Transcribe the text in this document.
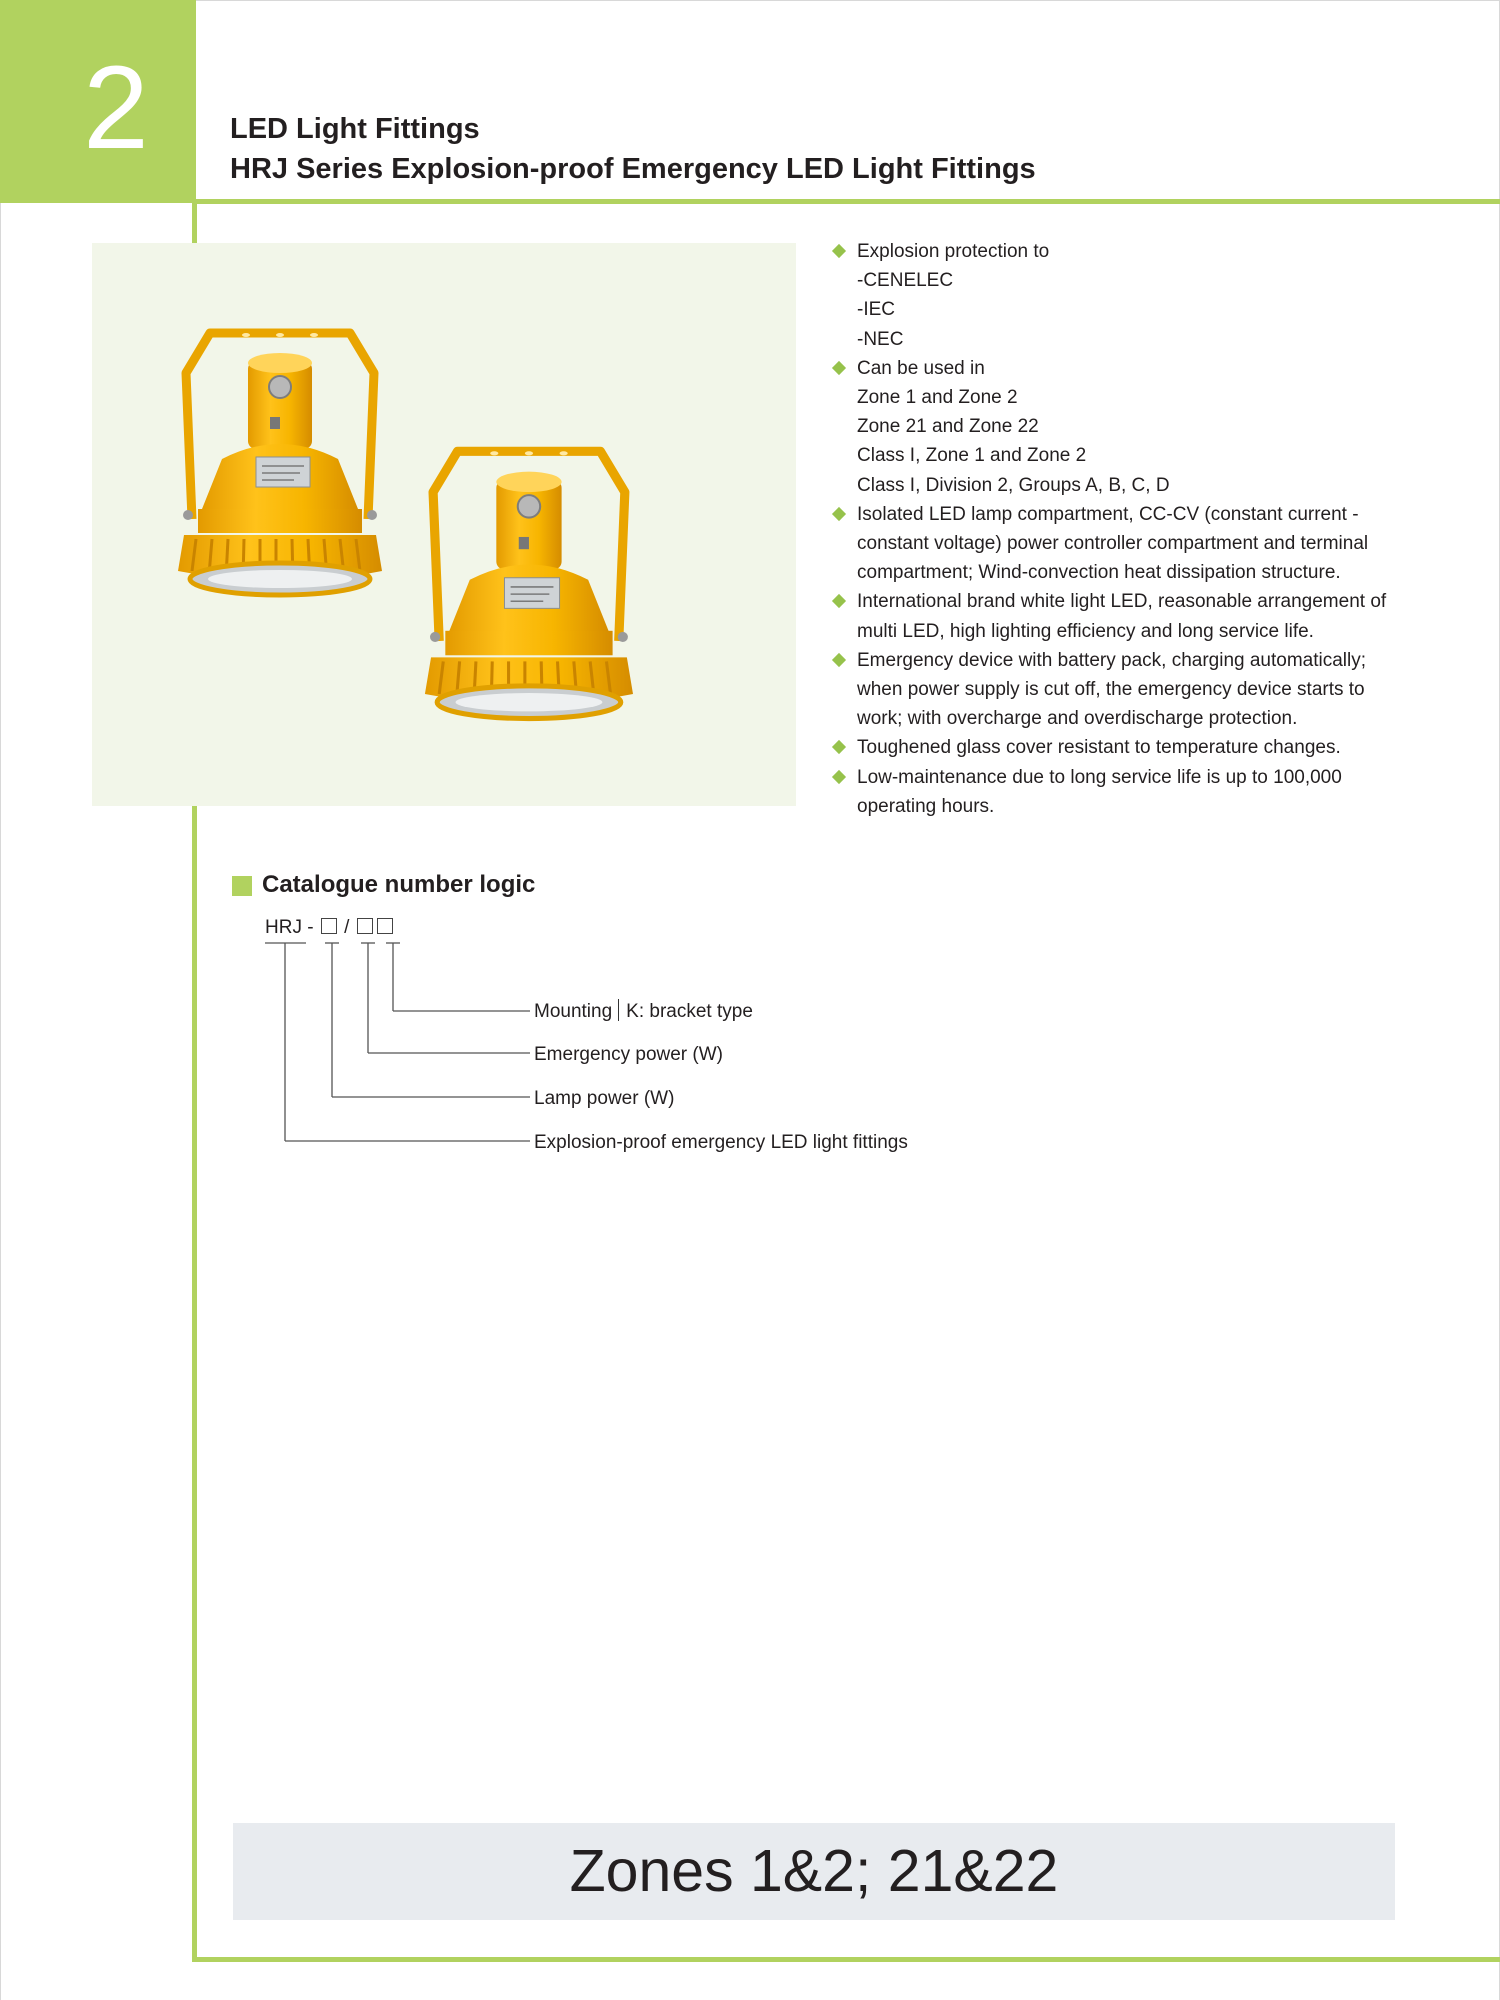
2	LED Light Fittings
HRJ Series Explosion-proof Emergency LED Light Fittings
Explosion protection to
-CENELEC
-IEC
-NEC
Can be used in
Zone 1 and Zone 2
Zone 21 and Zone 22
Class I, Zone 1 and Zone 2
Class I, Division 2, Groups A, B, C, D
Isolated LED lamp compartment, CC-CV (constant current - constant voltage) power controller compartment and terminal compartment; Wind-convection heat dissipation structure.
International brand white light LED, reasonable arrangement of multi LED, high lighting efficiency and long service life.
Emergency device with battery pack, charging automatically; when power supply is cut off, the emergency device starts to work; with overcharge and overdischarge protection.
Toughened glass cover resistant to temperature changes.
Low-maintenance due to long service life is up to 100,000 operating hours.
Catalogue number logic
HRJ - /
Mounting K: bracket type
Emergency power (W)
Lamp power (W)
Explosion-proof emergency LED light fittings
Zones 1&2; 21&22
